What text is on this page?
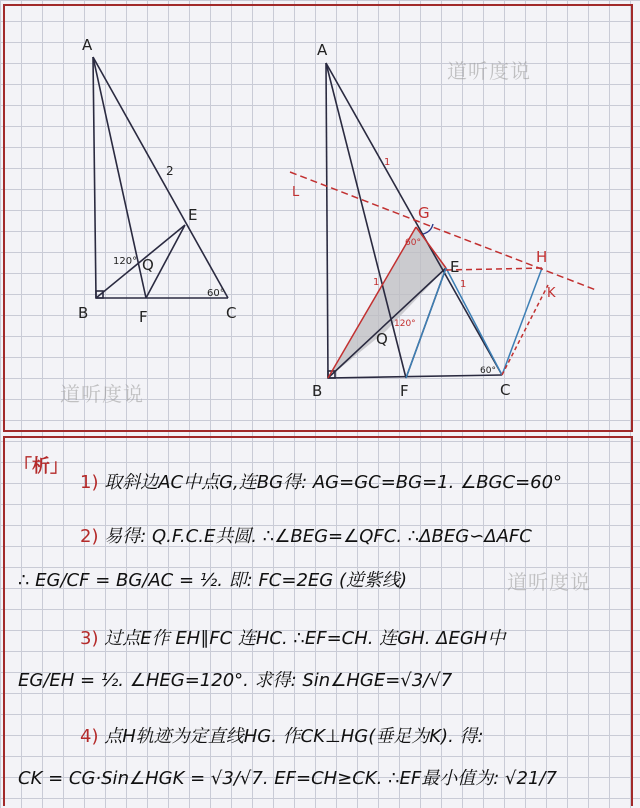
A
B	C
E
F
Q
2
120°
60°
A
B	C
E
F
Q
G
H
K
L
1
1	1
60°
120°
60°
道听度说
道听度说
道听度说
「析」
1) 取斜边AC中点G,连BG得: AG=GC=BG=1. ∠BGC=60°
2) 易得: Q.F.C.E共圆. ∴∠BEG=∠QFC. ∴ΔBEG∽ΔAFC
∴ EG/CF = BG/AC = ½. 即: FC=2EG (逆紫线)
3) 过点E作 EH∥FC 连HC. ∴EF=CH. 连GH. ΔEGH中
EG/EH = ½. ∠HEG=120°. 求得: Sin∠HGE=√3/√7
4) 点H轨迹为定直线HG. 作CK⊥HG(垂足为K). 得:
CK = CG·Sin∠HGK = √3/√7. EF=CH≥CK. ∴EF最小值为: √21/7
